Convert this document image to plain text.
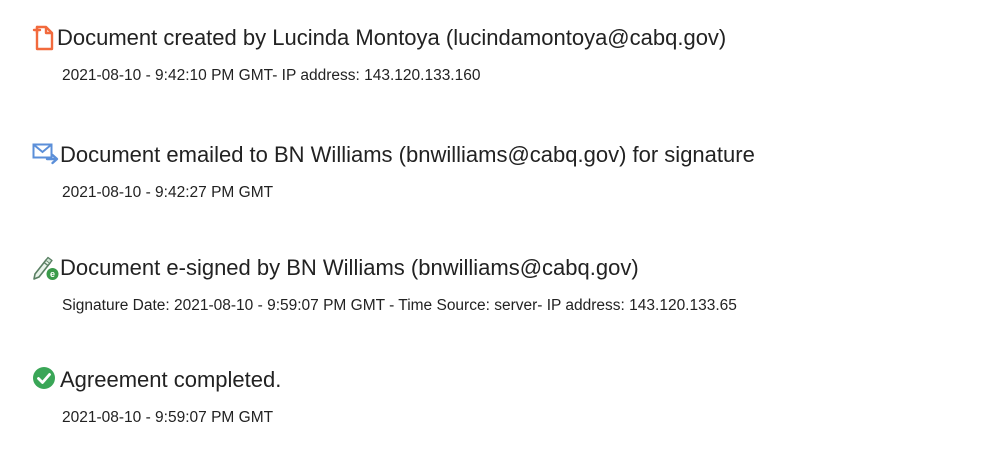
Document created by Lucinda Montoya (lucindamontoya@cabq.gov)
2021-08-10 - 9:42:10 PM GMT- IP address: 143.120.133.160
Document emailed to BN Williams (bnwilliams@cabq.gov) for signature
2021-08-10 - 9:42:27 PM GMT
e Document e-signed by BN Williams (bnwilliams@cabq.gov)
Signature Date: 2021-08-10 - 9:59:07 PM GMT - Time Source: server- IP address: 143.120.133.65
Agreement completed.
2021-08-10 - 9:59:07 PM GMT
